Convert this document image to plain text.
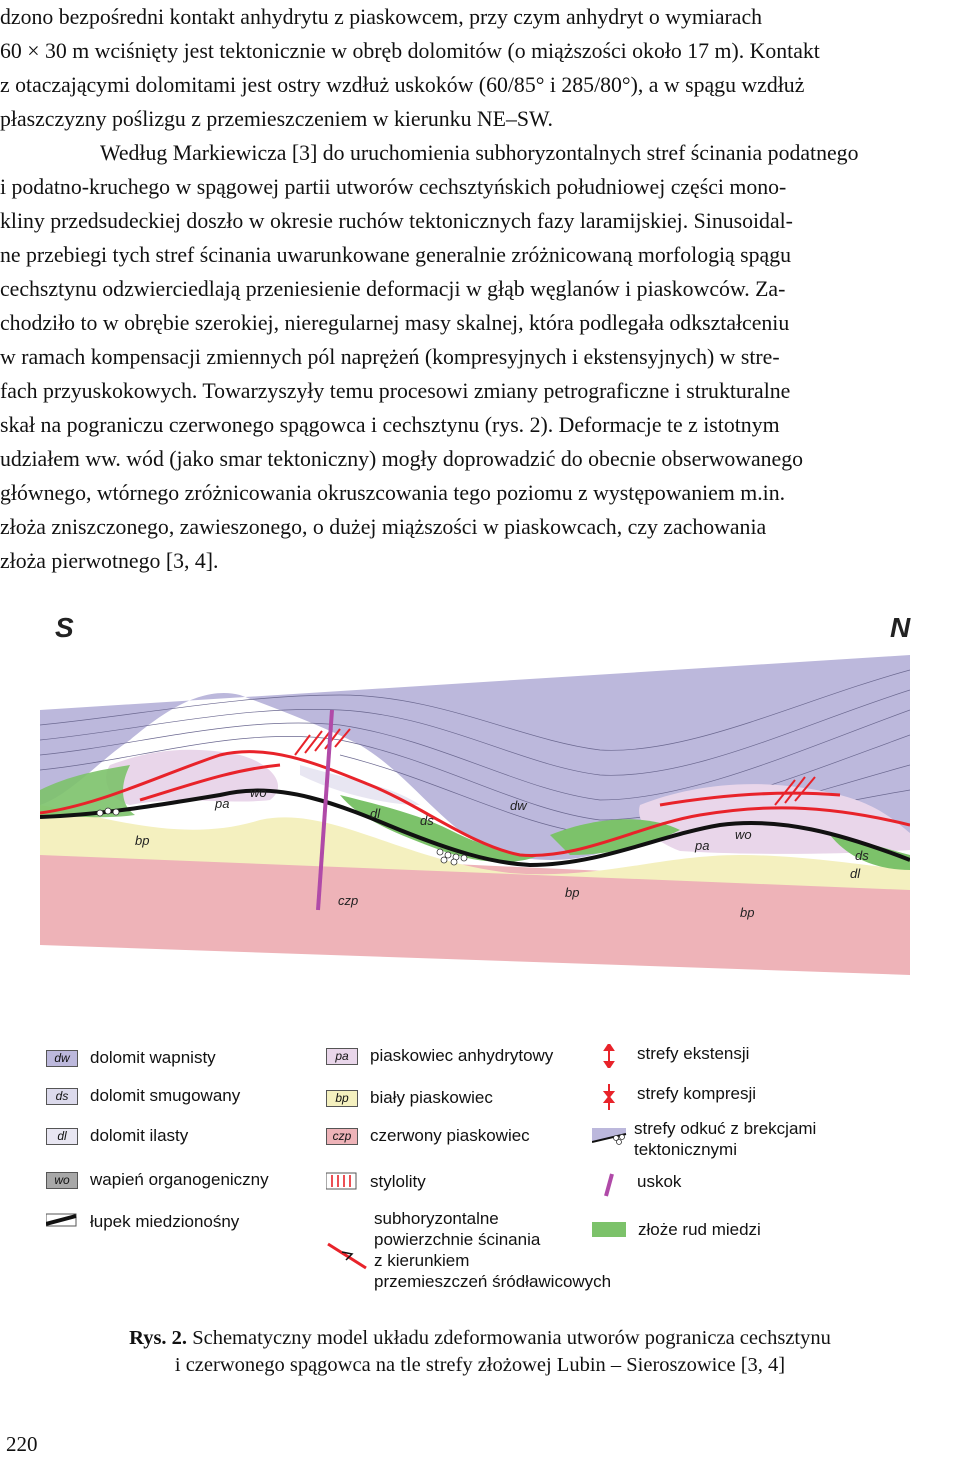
dzono bezpośredni kontakt anhydrytu z piaskowcem, przy czym anhydryt o wymiarach
60 × 30 m wciśnięty jest tektonicznie w obręb dolomitów (o miąższości około 17 m). Kontakt
z otaczającymi dolomitami jest ostry wzdłuż uskoków (60/85° i 285/80°), a w spągu wzdłuż
płaszczyzny poślizgu z przemieszczeniem w kierunku NE–SW.

Według Markiewicza [3] do uruchomienia subhoryzontalnych stref ścinania podatnego
i podatno-kruchego w spągowej partii utworów cechsztyńskich południowej części mono-
kliny przedsudeckiej doszło w okresie ruchów tektonicznych fazy laramijskiej. Sinusoidal-
ne przebiegi tych stref ścinania uwarunkowane generalnie zróżnicowaną morfologią spągu
cechsztynu odzwierciedlają przeniesienie deformacji w głąb węglanów i piaskowców. Za-
chodziło to w obrębie szerokiej, nieregularnej masy skalnej, która podlegała odkształceniu
w ramach kompensacji zmiennych pól naprężeń (kompresyjnych i ekstensyjnych) w stre-
fach przyuskokowych. Towarzyszyły temu procesowi zmiany petrograficzne i strukturalne
skał na pograniczu czerwonego spągowca i cechsztynu (rys. 2). Deformacje te z istotnym
udziałem ww. wód (jako smar tektoniczny) mogły doprowadzić do obecnie obserwowanego
głównego, wtórnego zróżnicowania okruszcowania tego poziomu z występowaniem m.in.
złoża zniszczonego, zawieszonego, o dużej miąższości w piaskowcach, czy zachowania
złoża pierwotnego [3, 4].

S	N
wo
pa
bp
dl	ds
dw
czp
bp
wo
pa
bp
ds
dl
dw	dolomit wapnisty
ds	dolomit smugowany
dl	dolomit ilasty
wo	wapień organogeniczny
łupek miedzionośny
pa	piaskowiec anhydrytowy
bp	biały piaskowiec
czp	czerwony piaskowiec
stylolity
subhoryzontalne
powierzchnie ścinania
z kierunkiem
przemieszczeń śródławicowych
strefy ekstensji
strefy kompresji
strefy odkuć z brekcjami
tektonicznymi
uskok
złoże rud miedzi
Rys. 2. Schematyczny model układu zdeformowania utworów pogranicza cechsztynu
i czerwonego spągowca na tle strefy złożowej Lubin – Sieroszowice [3, 4]
220
